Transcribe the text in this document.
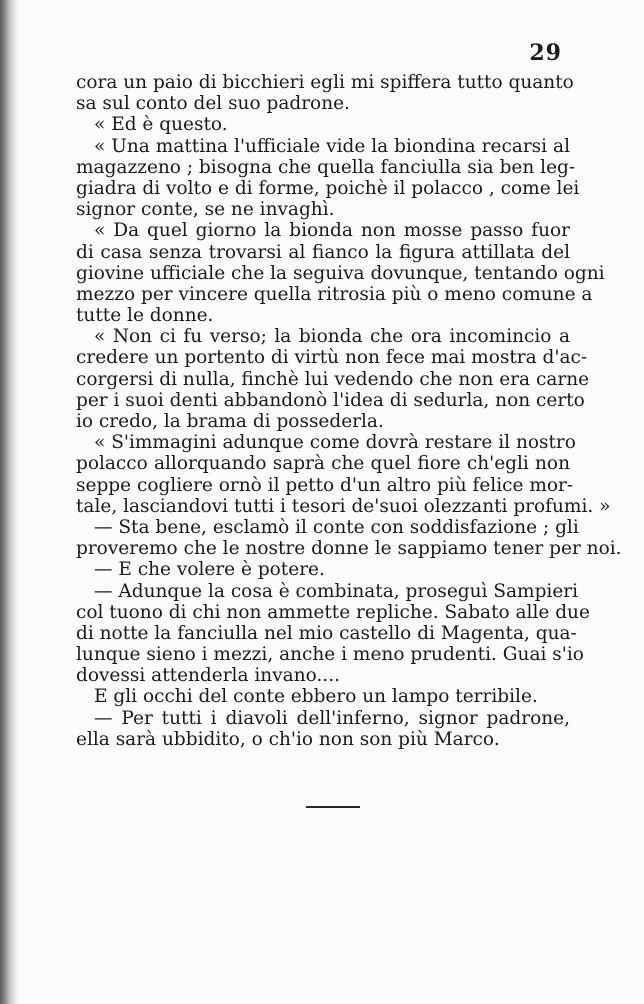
29
cora un paio di bicchieri egli mi spiffera tutto quanto
sa sul conto del suo padrone.
« Ed è questo.
« Una mattina l'ufficiale vide la biondina recarsi al
magazzeno ; bisogna che quella fanciulla sia ben leg-
giadra di volto e di forme, poichè il polacco , come lei
signor conte, se ne invaghì.
« Da quel giorno la bionda non mosse passo fuor
di casa senza trovarsi al fianco la figura attillata del
giovine ufficiale che la seguiva dovunque, tentando ogni
mezzo per vincere quella ritrosia più o meno comune a
tutte le donne.
« Non ci fu verso; la bionda che ora incomincio a
credere un portento di virtù non fece mai mostra d'ac-
corgersi di nulla, finchè lui vedendo che non era carne
per i suoi denti abbandonò l'idea di sedurla, non certo
io credo, la brama di possederla.
« S'immagini adunque come dovrà restare il nostro
polacco allorquando saprà che quel fiore ch'egli non
seppe cogliere ornò il petto d'un altro più felice mor-
tale, lasciandovi tutti i tesori de'suoi olezzanti profumi. »
— Sta bene, esclamò il conte con soddisfazione ; gli
proveremo che le nostre donne le sappiamo tener per noi.
— E che volere è potere.
— Adunque la cosa è combinata, proseguì Sampieri
col tuono di chi non ammette repliche. Sabato alle due
di notte la fanciulla nel mio castello di Magenta, qua-
lunque sieno i mezzi, anche i meno prudenti. Guai s'io
dovessi attenderla invano....
E gli occhi del conte ebbero un lampo terribile.
— Per tutti i diavoli dell'inferno, signor padrone,
ella sarà ubbidito, o ch'io non son più Marco.
